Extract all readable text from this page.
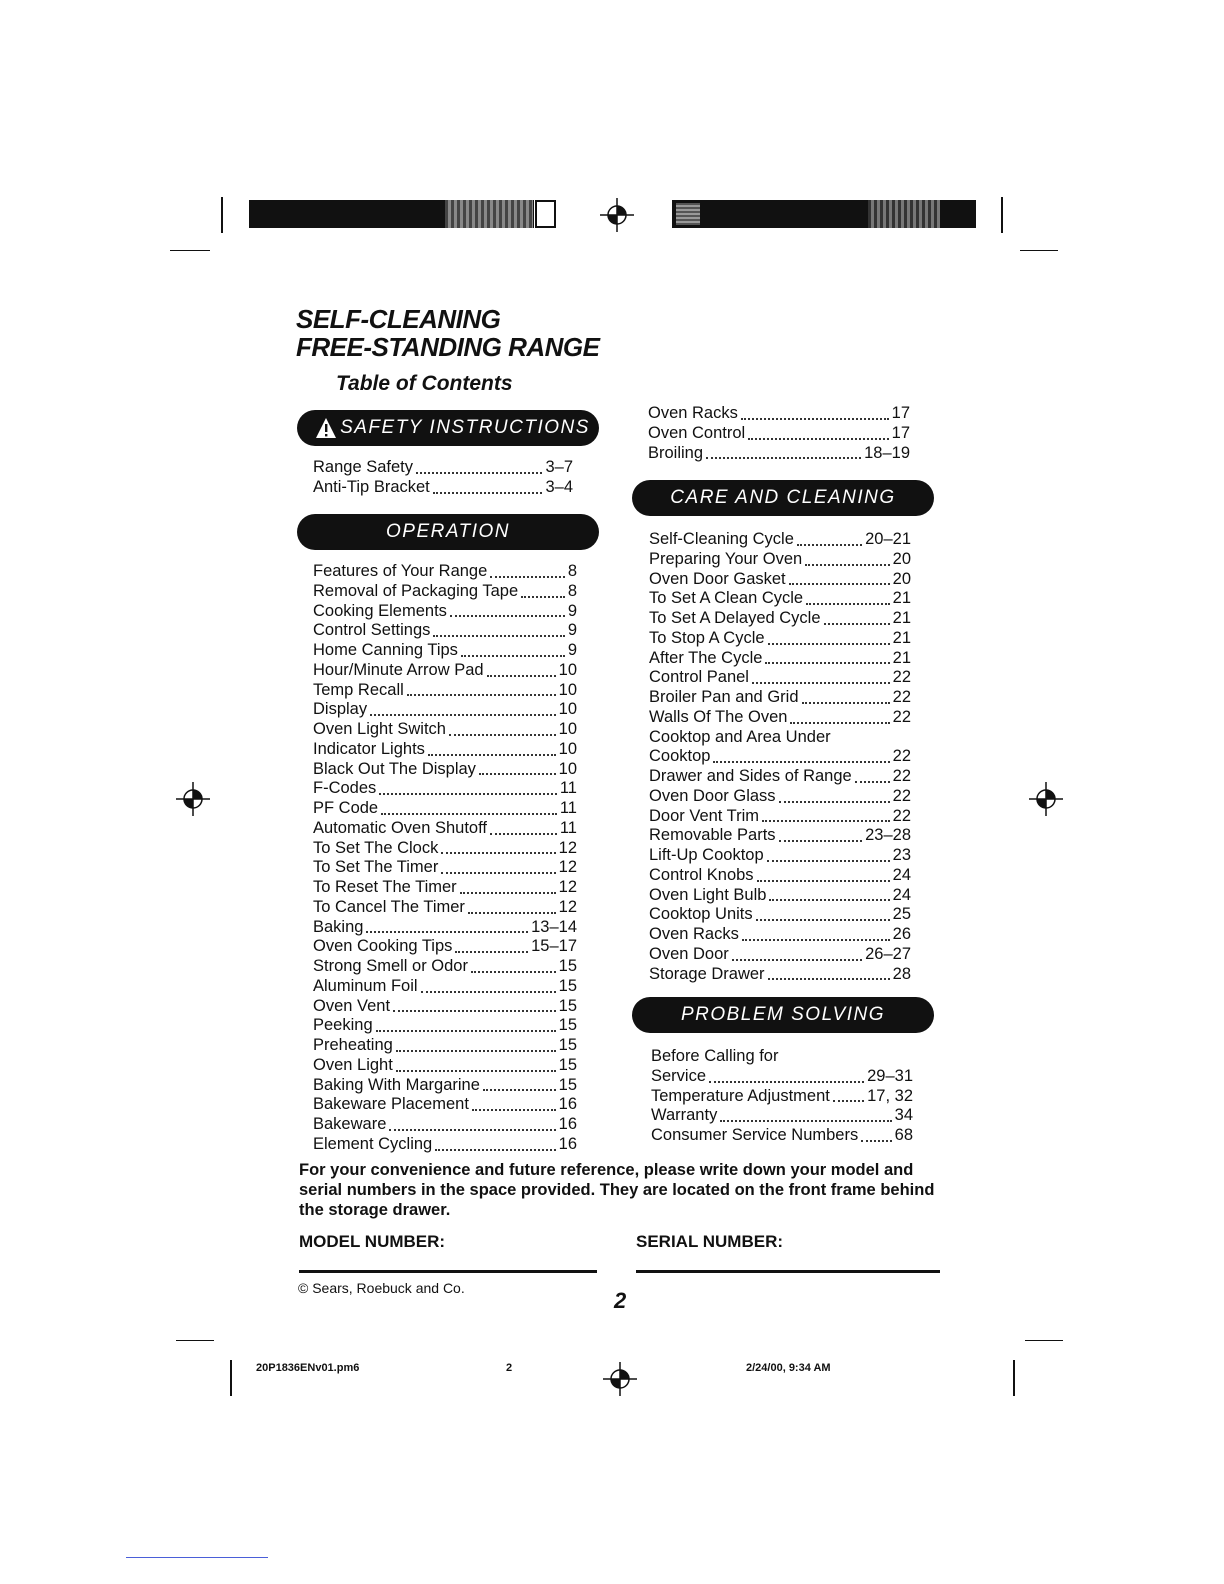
SELF-CLEANING
FREE-STANDING RANGE
Table of Contents
SAFETY INSTRUCTIONS
Range Safety	3–7
Anti-Tip Bracket	3–4
OPERATION
Features of Your Range	8
Removal of Packaging Tape	8
Cooking Elements	9
Control Settings	9
Home Canning Tips	9
Hour/Minute Arrow Pad	10
Temp Recall	10
Display	10
Oven Light Switch	10
Indicator Lights	10
Black Out The Display	10
F-Codes	11
PF Code	11
Automatic Oven Shutoff	11
To Set The Clock	12
To Set The Timer	12
To Reset The Timer	12
To Cancel The Timer	12
Baking	13–14
Oven Cooking Tips	15–17
Strong Smell or Odor	15
Aluminum Foil	15
Oven Vent	15
Peeking	15
Preheating	15
Oven Light	15
Baking With Margarine	15
Bakeware Placement	16
Bakeware	16
Element Cycling	16
Oven Racks	17
Oven Control	17
Broiling	18–19
CARE AND CLEANING
Self-Cleaning Cycle	20–21
Preparing Your Oven	20
Oven Door Gasket	20
To Set A Clean Cycle	21
To Set A Delayed Cycle	21
To Stop A Cycle	21
After The Cycle	21
Control Panel	22
Broiler Pan and Grid	22
Walls Of The Oven	22
Cooktop and Area Under
Cooktop	22
Drawer and Sides of Range 22
Oven Door Glass	22
Door Vent Trim	22
Removable Parts	23–28
Lift-Up Cooktop	23
Control Knobs	24
Oven Light Bulb	24
Cooktop Units	25
Oven Racks	26
Oven Door	26–27
Storage Drawer	28
PROBLEM SOLVING
Before Calling for
Service	29–31
Temperature Adjustment 17, 32
Warranty	34
Consumer Service Numbers 68
For your convenience and future reference, please write down your model and serial numbers in the space provided. They are located on the front frame behind the storage drawer.
MODEL NUMBER:	SERIAL NUMBER:
© Sears, Roebuck and Co.	2
20P1836ENv01.pm6	2	2/24/00, 9:34 AM
